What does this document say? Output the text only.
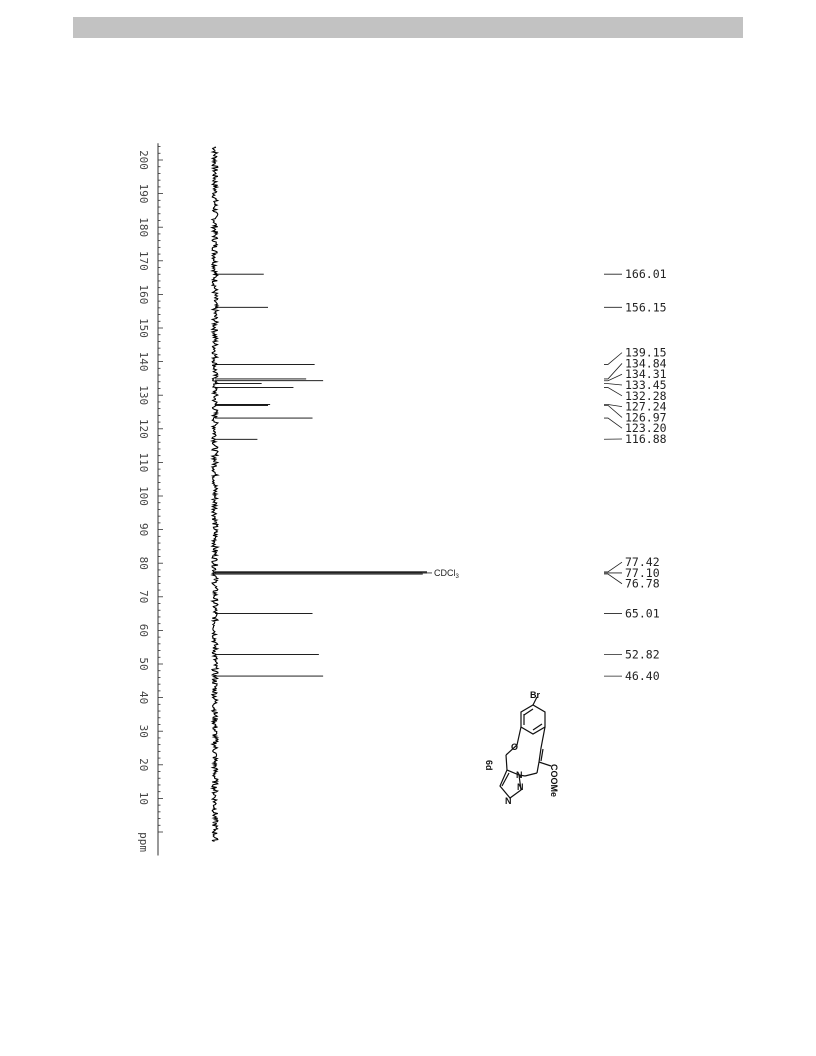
200
190
180
170
160
150
140
130
120
110
100
90
80
70
60
50
40
30
20
10
ppm
166.01
156.15
139.15
134.84
134.31
133.45
132.28
127.24
126.97
123.20
116.88
77.42
77.10
76.78
65.01
52.82
46.40
CDCl$_3$
Br
O
N
N
N
COOMe
6d
